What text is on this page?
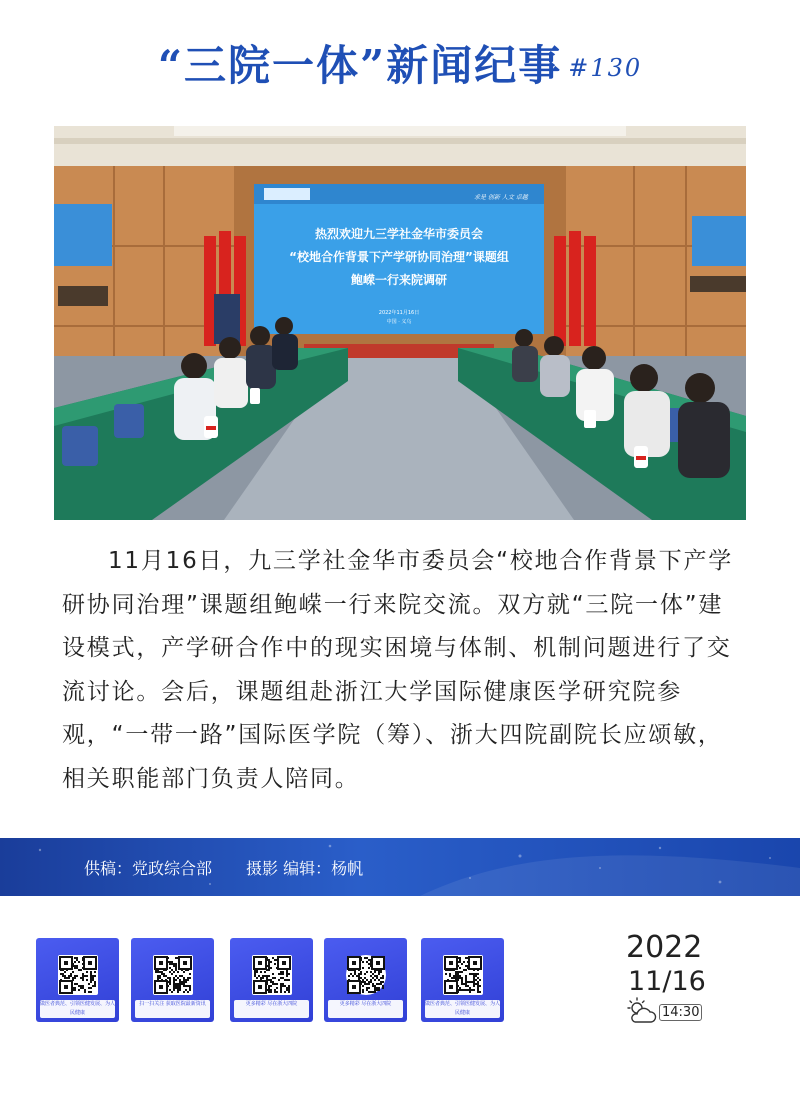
“三院一体”新闻纪事 #130
求是 创新 人文 卓越
热烈欢迎九三学社金华市委员会
“校地合作背景下产学研协同治理”课题组
鲍嵘一行来院调研
2022年11月16日
中国 · 义乌

11月16日，九三学社金华市委员会“校地合作背景下产学研协同治理”课题组鲍嵘一行来院交流。双方就“三院一体”建设模式，产学研合作中的现实困境与体制、机制问题进行了交流讨论。会后，课题组赴浙江大学国际健康医学研究院参观，“一带一路”国际医学院（筹）、浙大四院副院长应颂敏，相关职能部门负责人陪同。

供稿：党政综合部 摄影 编辑：杨帆
做医者典范、引领医健发展、为人民健康
扫一扫关注 获取医院最新资讯	更多精彩 尽在浙大四院	更多精彩 尽在浙大四院	做医者典范、引领医健发展、为人民健康
2022
11/16
14:30
